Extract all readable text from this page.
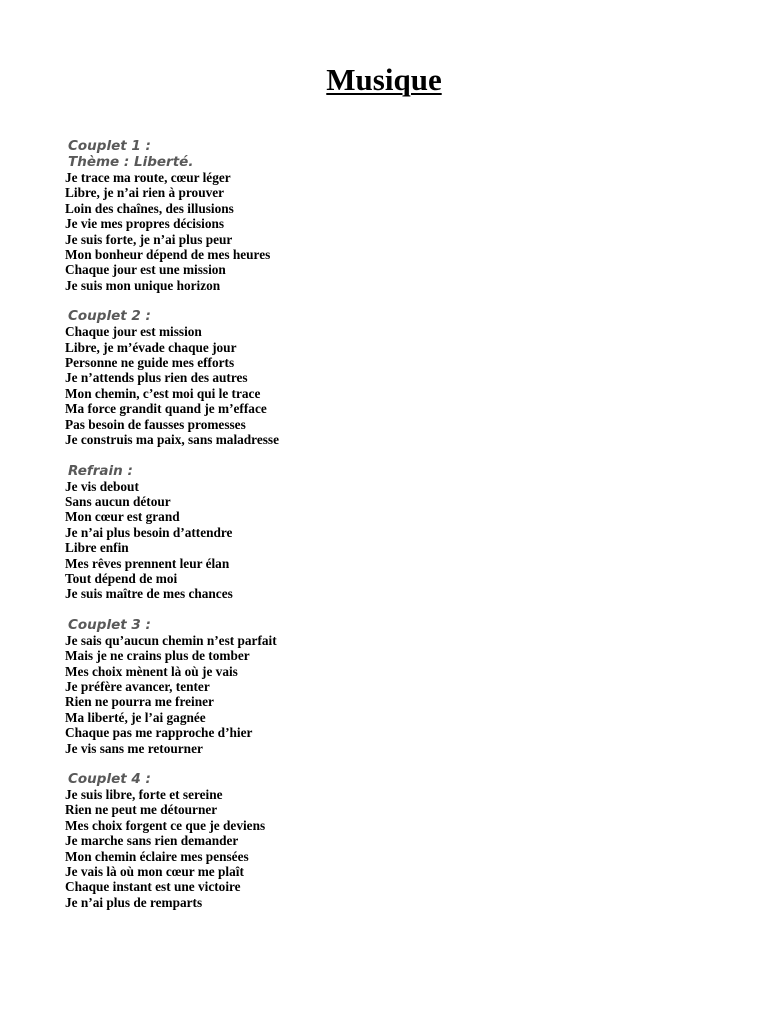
Musique
Couplet 1 :
Thème : Liberté.
Je trace ma route, cœur léger
Libre, je n’ai rien à prouver
Loin des chaînes, des illusions
Je vie mes propres décisions
Je suis forte, je n’ai plus peur
Mon bonheur dépend de mes heures
Chaque jour est une mission
Je suis mon unique horizon
Couplet 2 :
Chaque jour est mission
Libre, je m’évade chaque jour
Personne ne guide mes efforts
Je n’attends plus rien des autres
Mon chemin, c’est moi qui le trace
Ma force grandit quand je m’efface
Pas besoin de fausses promesses
Je construis ma paix, sans maladresse
Refrain :
Je vis debout
Sans aucun détour
Mon cœur est grand
Je n’ai plus besoin d’attendre
Libre enfin
Mes rêves prennent leur élan
Tout dépend de moi
Je suis maître de mes chances
Couplet 3 :
Je sais qu’aucun chemin n’est parfait
Mais je ne crains plus de tomber
Mes choix mènent là où je vais
Je préfère avancer, tenter
Rien ne pourra me freiner
Ma liberté, je l’ai gagnée
Chaque pas me rapproche d’hier
Je vis sans me retourner
Couplet 4 :
Je suis libre, forte et sereine
Rien ne peut me détourner
Mes choix forgent ce que je deviens
Je marche sans rien demander
Mon chemin éclaire mes pensées
Je vais là où mon cœur me plaît
Chaque instant est une victoire
Je n’ai plus de remparts
